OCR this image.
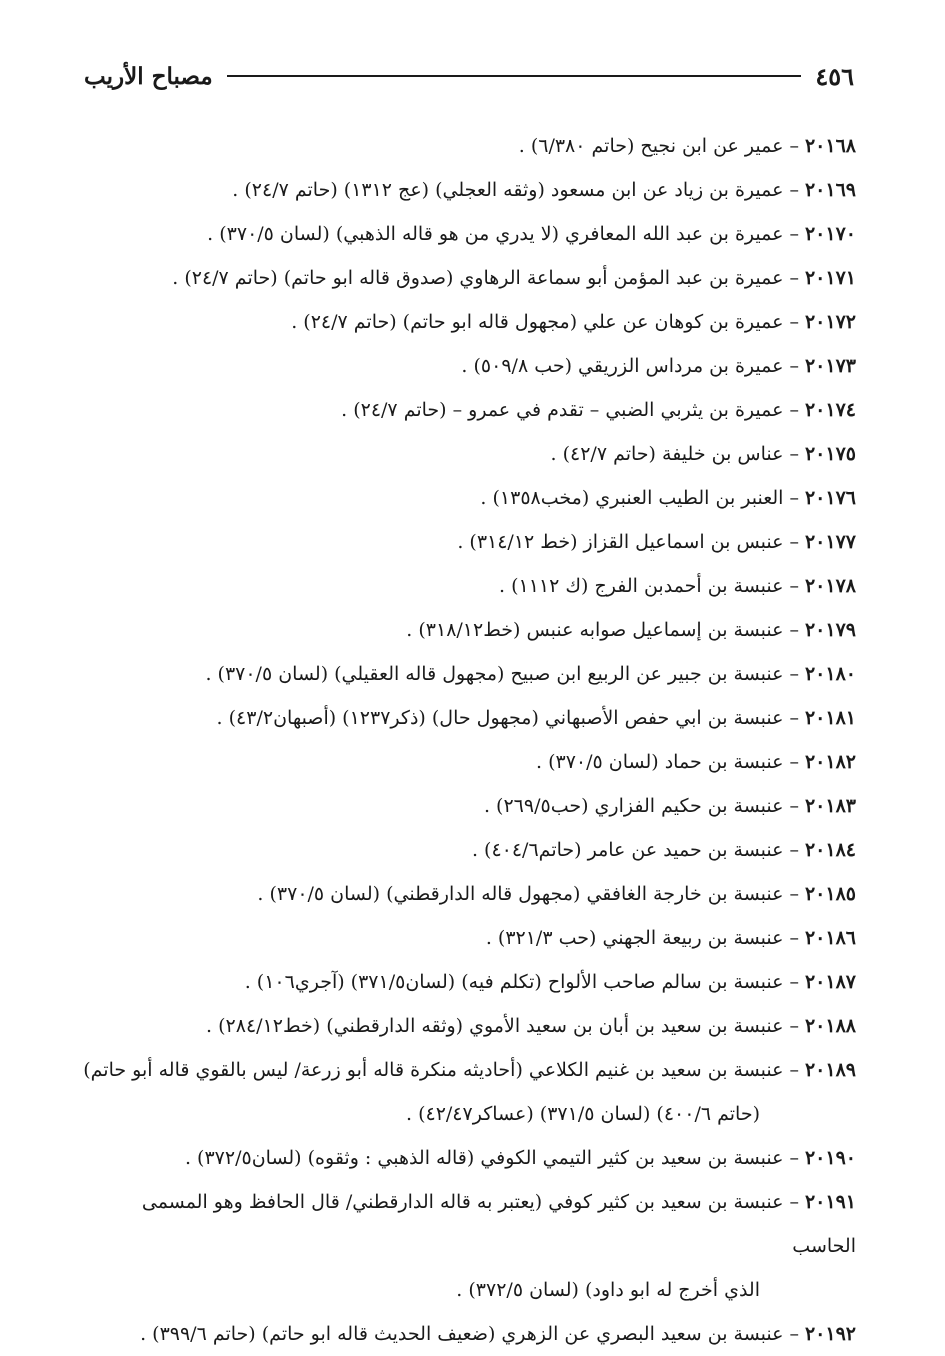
٤٥٦
مصباح الأريب
٢٠١٦٨–عمير عن ابن نجيح (حاتم ٦/٣٨٠) .
٢٠١٦٩–عميرة بن زياد عن ابن مسعود (وثقه العجلي) (عج ١٣١٢) (حاتم ٢٤/٧) .
٢٠١٧٠–عميرة بن عبد الله المعافري (لا يدري من هو قاله الذهبي) (لسان ٣٧٠/٥) .
٢٠١٧١–عميرة بن عبد المؤمن أبو سماعة الرهاوي (صدوق قاله ابو حاتم) (حاتم ٢٤/٧) .
٢٠١٧٢–عميرة بن كوهان عن علي (مجهول قاله ابو حاتم) (حاتم ٢٤/٧) .
٢٠١٧٣–عميرة بن مرداس الزريقي (حب ٥٠٩/٨) .
٢٠١٧٤–عميرة بن يثربي الضبي – تقدم في عمرو – (حاتم ٢٤/٧) .
٢٠١٧٥–عناس بن خليفة (حاتم ٤٢/٧) .
٢٠١٧٦–العنبر بن الطيب العنبري (مخب١٣٥٨) .
٢٠١٧٧–عنبس بن اسماعيل القزاز (خط ٣١٤/١٢) .
٢٠١٧٨–عنبسة بن أحمدبن الفرج (ك ١١١٢) .
٢٠١٧٩–عنبسة بن إسماعيل صوابه عنبس (خط٣١٨/١٢) .
٢٠١٨٠–عنبسة بن جبير عن الربيع ابن صبيح (مجهول قاله العقيلي) (لسان ٣٧٠/٥) .
٢٠١٨١–عنبسة بن ابي حفص الأصبهاني (مجهول حال) (ذكر١٢٣٧) (أصبهان٤٣/٢) .
٢٠١٨٢–عنبسة بن حماد (لسان ٣٧٠/٥) .
٢٠١٨٣–عنبسة بن حكيم الفزاري (حب٢٦٩/٥) .
٢٠١٨٤–عنبسة بن حميد عن عامر (حاتم٤٠٤/٦) .
٢٠١٨٥–عنبسة بن خارجة الغافقي (مجهول قاله الدارقطني) (لسان ٣٧٠/٥) .
٢٠١٨٦–عنبسة بن ربيعة الجهني (حب ٣٢١/٣) .
٢٠١٨٧–عنبسة بن سالم صاحب الألواح (تكلم فيه) (لسان٣٧١/٥) (آجري١٠٦) .
٢٠١٨٨–عنبسة بن سعيد بن أبان بن سعيد الأموي (وثقه الدارقطني) (خط٢٨٤/١٢) .
٢٠١٨٩–عنبسة بن سعيد بن غنيم الكلاعي (أحاديثه منكرة قاله أبو زرعة/ ليس بالقوي قاله أبو حاتم)
(حاتم ٤٠٠/٦) (لسان ٣٧١/٥) (عساكر٤٢/٤٧) .
٢٠١٩٠–عنبسة بن سعيد بن كثير التيمي الكوفي (قاله الذهبي : وثقوه) (لسان٣٧٢/٥) .
٢٠١٩١–عنبسة بن سعيد بن كثير كوفي (يعتبر به قاله الدارقطني/ قال الحافظ وهو المسمى الحاسب
الذي أخرج له ابو داود) (لسان ٣٧٢/٥) .
٢٠١٩٢–عنبسة بن سعيد البصري عن الزهري (ضعيف الحديث قاله ابو حاتم) (حاتم ٣٩٩/٦) .
